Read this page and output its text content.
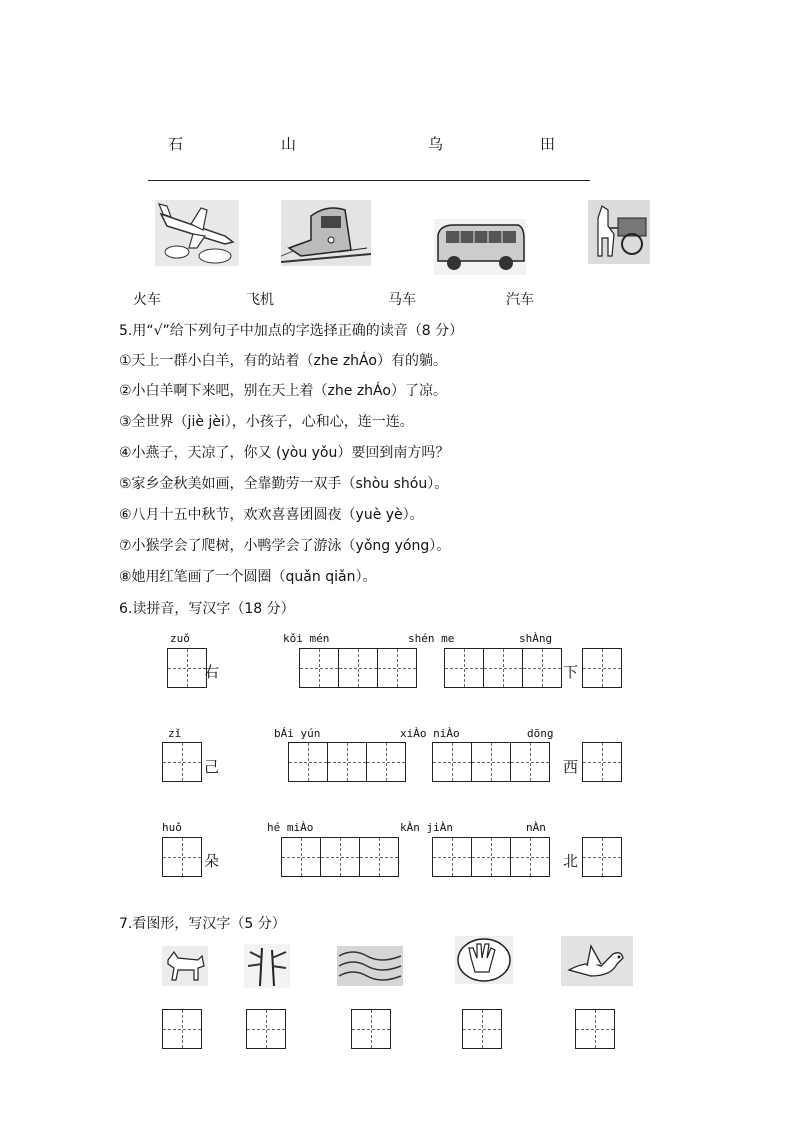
石	山	乌	田
火车	飞机	马车	汽车
5.用“√”给下列句子中加点的字选择正确的读音（8 分）
①天上一群小白羊，有的站着（zhe zhÁo）有的躺。
②小白羊啊下来吧，别在天上着（zhe zhÁo）了凉。
③全世界（jiè jèi），小孩子，心和心，连一连。
④小燕子，天凉了，你又 (yòu yǒu）要回到南方吗？
⑤家乡金秋美如画，全靠勤劳一双手（shòu shóu）。
⑥八月十五中秋节，欢欢喜喜团圆夜（yuè yè）。
⑦小猴学会了爬树，小鸭学会了游泳（yǒng yóng）。
⑧她用红笔画了一个圆圈（quǎn qiǎn）。
6.读拼音，写汉字（18 分）
zuǒ	kǒi mén	shén me	shÀng
右	下
zǐ	bÁi yún	xiÀo niÀo	dōng
己	西
huǒ	hé miÀo	kÀn jiÀn	nÀn
朵	北
7.看图形，写汉字（5 分）
